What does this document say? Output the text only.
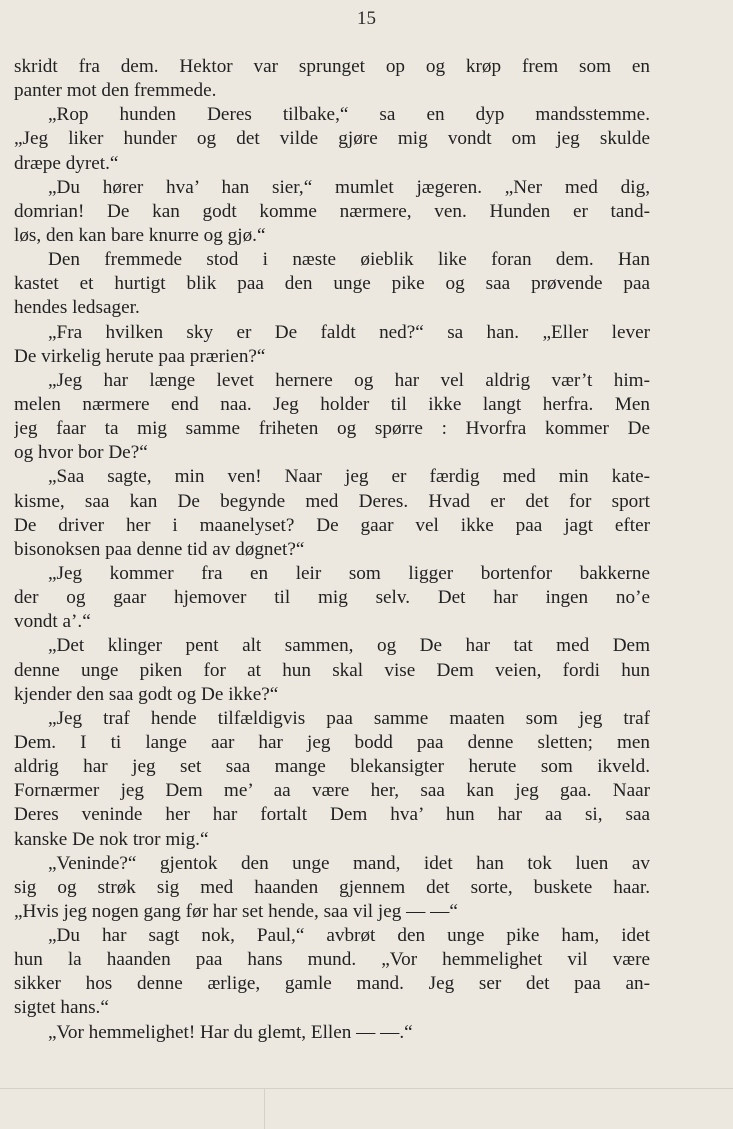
15
skridt fra dem. Hektor var sprunget op og krøp frem som en
panter mot den fremmede.
„Rop hunden Deres tilbake,“ sa en dyp mandsstemme.
„Jeg liker hunder og det vilde gjøre mig vondt om jeg skulde
dræpe dyret.“
„Du hører hva’ han sier,“ mumlet jægeren. „Ner med dig,
domrian! De kan godt komme nærmere, ven. Hunden er tand-
løs, den kan bare knurre og gjø.“
Den fremmede stod i næste øieblik like foran dem. Han
kastet et hurtigt blik paa den unge pike og saa prøvende paa
hendes ledsager.
„Fra hvilken sky er De faldt ned?“ sa han. „Eller lever
De virkelig herute paa prærien?“
„Jeg har længe levet hernere og har vel aldrig vær’t him-
melen nærmere end naa. Jeg holder til ikke langt herfra. Men
jeg faar ta mig samme friheten og spørre : Hvorfra kommer De
og hvor bor De?“
„Saa sagte, min ven! Naar jeg er færdig med min kate-
kisme, saa kan De begynde med Deres. Hvad er det for sport
De driver her i maanelyset? De gaar vel ikke paa jagt efter
bisonoksen paa denne tid av døgnet?“
„Jeg kommer fra en leir som ligger bortenfor bakkerne
der og gaar hjemover til mig selv. Det har ingen no’e
vondt a’.“
„Det klinger pent alt sammen, og De har tat med Dem
denne unge piken for at hun skal vise Dem veien, fordi hun
kjender den saa godt og De ikke?“
„Jeg traf hende tilfældigvis paa samme maaten som jeg traf
Dem. I ti lange aar har jeg bodd paa denne sletten; men
aldrig har jeg set saa mange blekansigter herute som ikveld.
Fornærmer jeg Dem me’ aa være her, saa kan jeg gaa. Naar
Deres veninde her har fortalt Dem hva’ hun har aa si, saa
kanske De nok tror mig.“
„Veninde?“ gjentok den unge mand, idet han tok luen av
sig og strøk sig med haanden gjennem det sorte, buskete haar.
„Hvis jeg nogen gang før har set hende, saa vil jeg — —“
„Du har sagt nok, Paul,“ avbrøt den unge pike ham, idet
hun la haanden paa hans mund. „Vor hemmelighet vil være
sikker hos denne ærlige, gamle mand. Jeg ser det paa an-
sigtet hans.“
„Vor hemmelighet! Har du glemt, Ellen — —.“
